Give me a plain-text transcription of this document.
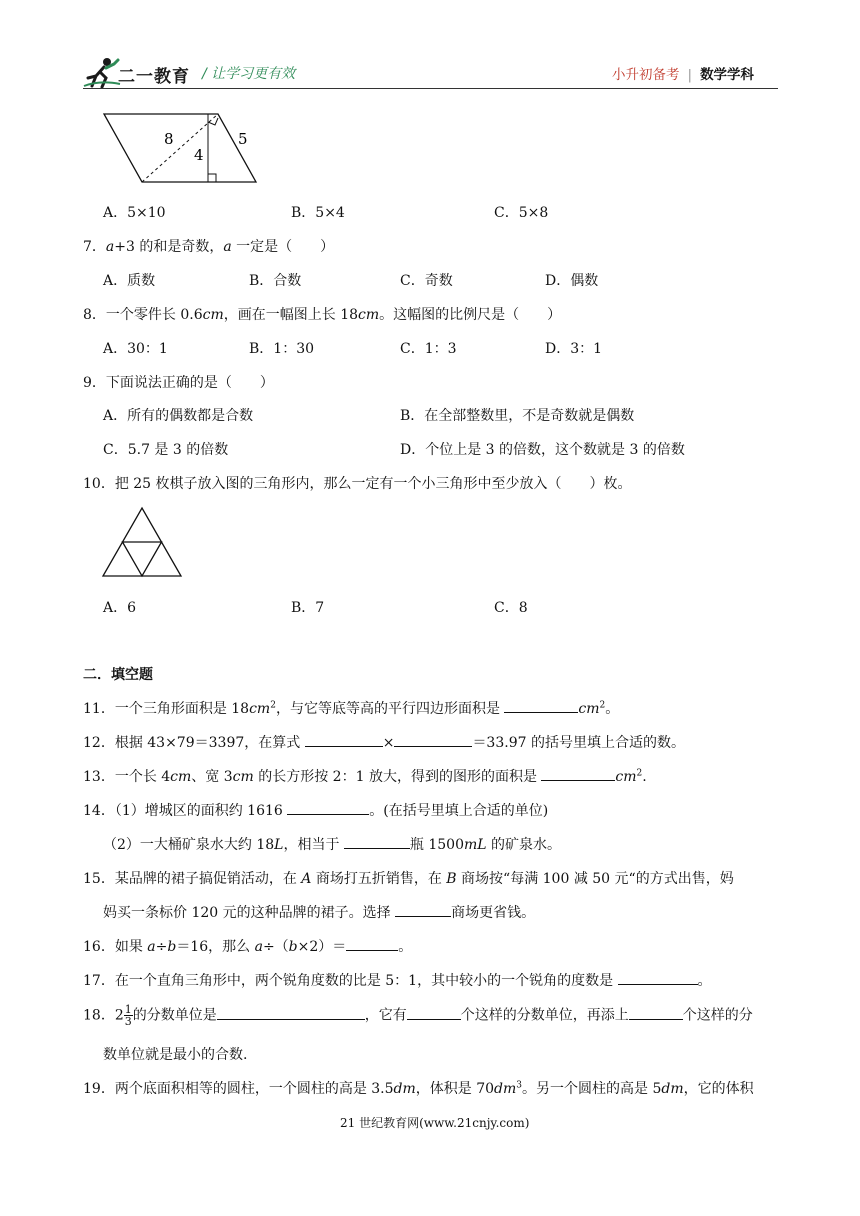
二一教育 / 让学习更有效	小升初备考 | 数学学科
8
4
5
A．5×10	B．5×4	C．5×8
7．a+3 的和是奇数，a 一定是（　　）
A．质数	B．合数	C．奇数	D．偶数
8．一个零件长 0.6cm，画在一幅图上长 18cm。这幅图的比例尺是（　　）
A．30：1	B．1：30	C．1：3	D．3：1
9．下面说法正确的是（　　）
A．所有的偶数都是合数	B．在全部整数里，不是奇数就是偶数
C．5.7 是 3 的倍数	D．个位上是 3 的倍数，这个数就是 3 的倍数
10．把 25 枚棋子放入图的三角形内，那么一定有一个小三角形中至少放入（　　）枚。
A．6	B．7	C．8
二．填空题
11．一个三角形面积是 $18cm^2$，与它等底等高的平行四边形面积是	$cm^2$。
12．根据 43×79＝3397，在算式	×	＝33.97 的括号里填上合适的数。
13．一个长 4cm、宽 3cm 的长方形按 2：1 放大，得到的图形的面积是	$cm^2$.
14．（1）增城区的面积约 1616	。(在括号里填上合适的单位)
（2）一大桶矿泉水大约 18L，相当于	瓶 1500mL 的矿泉水。
15．某品牌的裙子搞促销活动，在 A 商场打五折销售，在 B 商场按“每满 100 减 50 元“的方式出售，妈
妈买一条标价 120 元的这种品牌的裙子。选择	商场更省钱。
16．如果 a÷b＝16，那么 a÷（b×2）＝	。
17．在一个直角三角形中，两个锐角度数的比是 5：1，其中较小的一个锐角的度数是	。
18．$2 \frac{1}{3}$ 的分数单位是	，它有	个这样的分数单位，再添上	个这样的分
数单位就是最小的合数.
19．两个底面积相等的圆柱，一个圆柱的高是 3.5dm，体积是 $70dm^3$。另一个圆柱的高是 5dm，它的体积
21 世纪教育网(www.21cnjy.com)
